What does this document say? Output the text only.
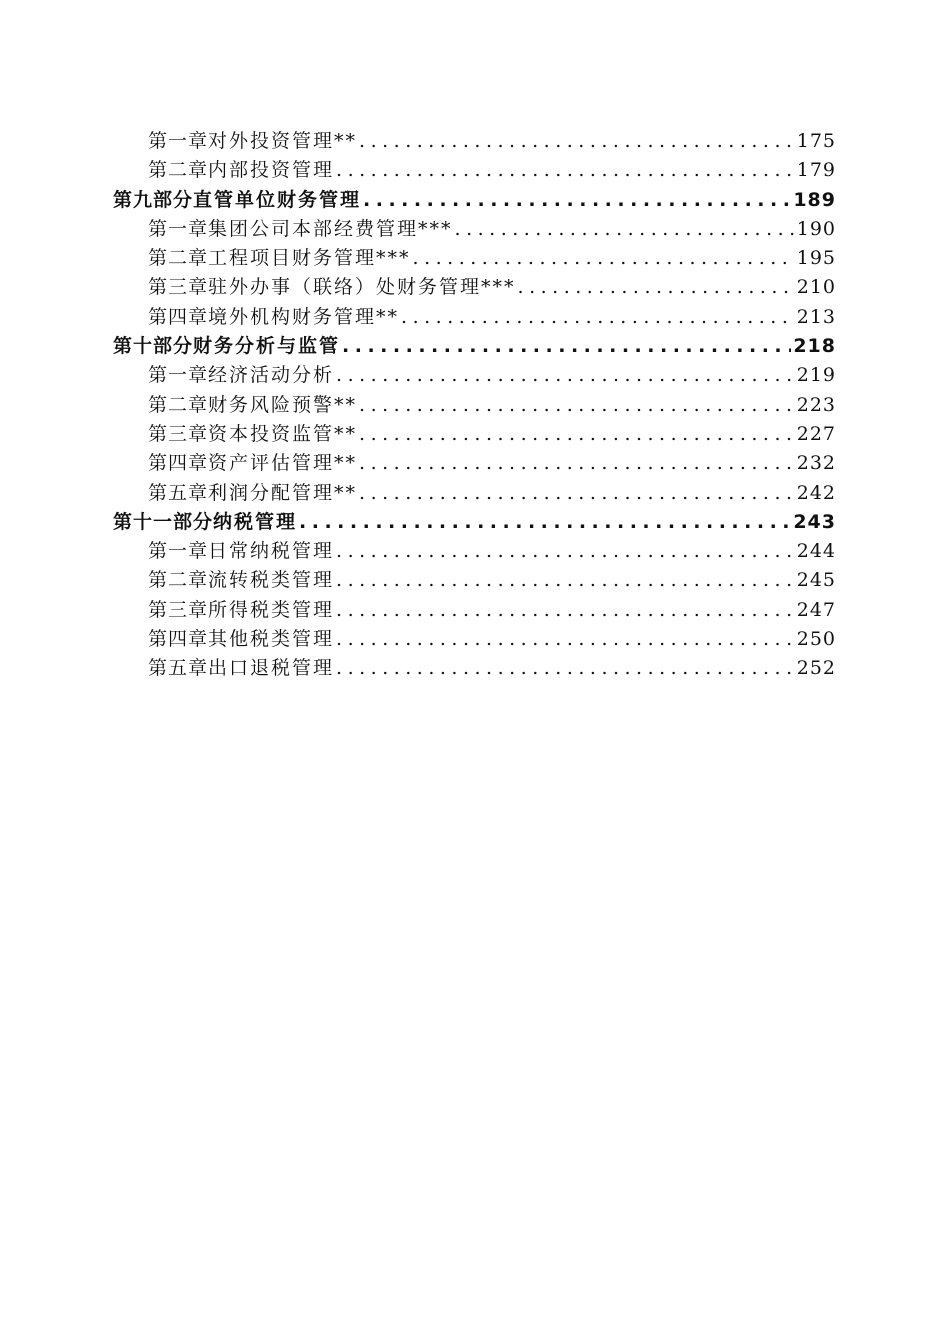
第一章 对外投资管理** .....	175
第二章 内部投资管理 .....	179
第九部分 直管单位财务管理 .....	189
第一章 集团公司本部经费管理*** .....	190
第二章 工程项目财务管理*** .....	195
第三章 驻外办事（联络）处财务管理*** .....	210
第四章 境外机构财务管理** .....	213
第十部分 财务分析与监管 .....	218
第一章 经济活动分析 .....	219
第二章 财务风险预警** .....	223
第三章 资本投资监管** .....	227
第四章 资产评估管理** .....	232
第五章 利润分配管理** .....	242
第十一部分 纳税管理 .....	243
第一章 日常纳税管理 .....	244
第二章 流转税类管理 .....	245
第三章 所得税类管理 .....	247
第四章 其他税类管理 .....	250
第五章 出口退税管理 .....	252
